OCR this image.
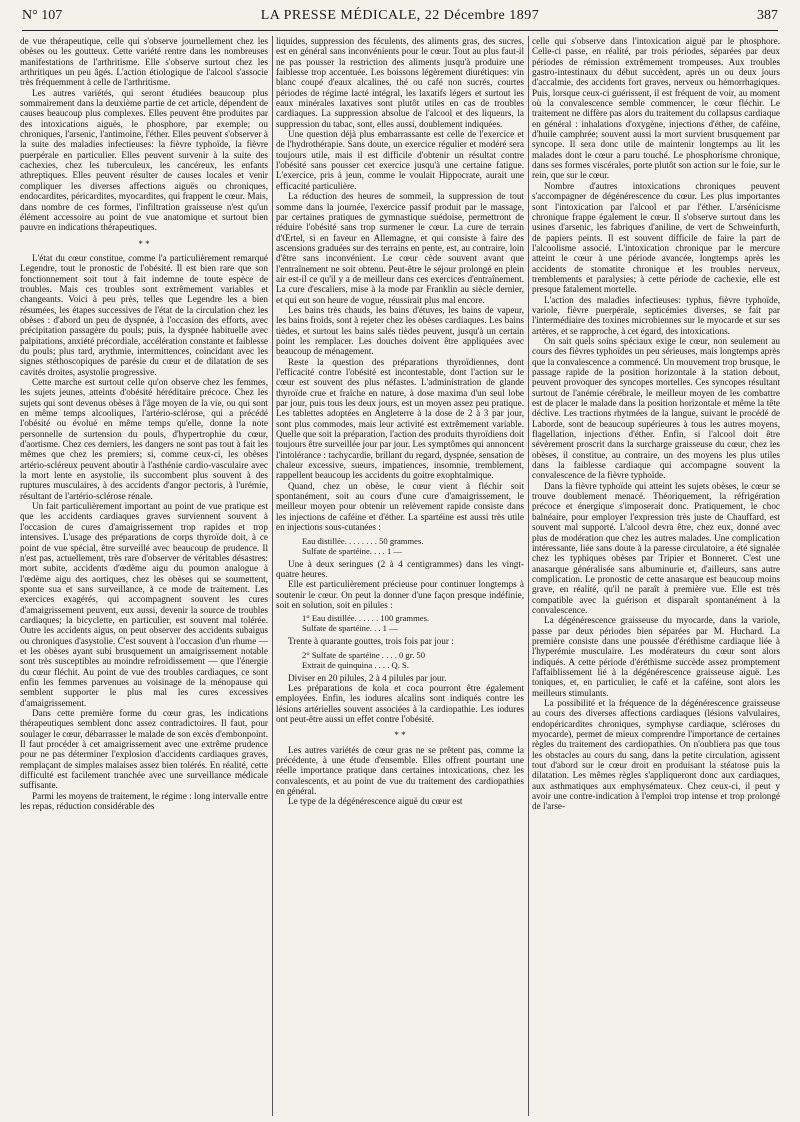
N° 107	LA PRESSE MÉDICALE, 22 Décembre 1897	387

de vue thérapeutique, celle qui s'observe journellement chez les obèses ou les goutteux. Cette variété rentre dans les nombreuses manifestations de l'arthritisme. Elle s'observe surtout chez les arthritiques un peu âgés. L'action étiologique de l'alcool s'associe très fréquemment à celle de l'arthritisme.

Les autres variétés, qui seront étudiées beaucoup plus sommairement dans la deuxième partie de cet article, dépendent de causes beaucoup plus complexes. Elles peuvent être produites par des intoxications aiguës, le phosphore, par exemple; ou chroniques, l'arsenic, l'antimoine, l'éther. Elles peuvent s'observer à la suite des maladies infectieuses: la fièvre typhoïde, la fièvre puerpérale en particulier. Elles peuvent survenir à la suite des cachexies, chez les tuberculeux, les cancéreux, les enfants athreptiques. Elles peuvent résulter de causes locales et venir compliquer les diverses affections aiguës ou chroniques, endocardites, péricardites, myocardites, qui frappent le cœur. Mais, dans nombre de ces formes, l'infiltration graisseuse n'est qu'un élément accessoire au point de vue anatomique et surtout bien pauvre en indications thérapeutiques.

* *

L'état du cœur constitue, comme l'a particulièrement remarqué Legendre, tout le pronostic de l'obésité. Il est bien rare que son fonctionnement soit tout à fait indemne de toute espèce de troubles. Mais ces troubles sont extrêmement variables et changeants. Voici à peu près, telles que Legendre les a bien résumées, les étapes successives de l'état de la circulation chez les obèses : d'abord un peu de dyspnée, à l'occasion des efforts, avec précipitation passagère du pouls; puis, la dyspnée habituelle avec palpitations, anxiété précordiale, accélération constante et faiblesse du pouls; plus tard, arythmie, intermittences, coïncidant avec les signes stéthoscopiques de parésie du cœur et de dilatation de ses cavités droites, asystolie progressive.

Cette marche est surtout celle qu'on observe chez les femmes, les sujets jeunes, atteints d'obésité héréditaire précoce. Chez les sujets qui sont devenus obèses à l'âge moyen de la vie, ou qui sont en même temps alcooliques, l'artério-sclérose, qui a précédé l'obésité ou évolué en même temps qu'elle, donne la note personnelle de surtension du pouls, d'hypertrophie du cœur, d'aortisme. Chez ces derniers, les dangers ne sont pas tout à fait les mêmes que chez les premiers; si, comme ceux-ci, les obèses artério-scléreux peuvent aboutir à l'asthénie cardio-vasculaire avec la mort lente en asystolie, ils succombent plus souvent à des ruptures musculaires, à des accidents d'angor pectoris, à l'urémie, résultant de l'artério-sclérose rénale.

Un fait particulièrement important au point de vue pratique est que les accidents cardiaques graves surviennent souvent à l'occasion de cures d'amaigrissement trop rapides et trop intensives. L'usage des préparations de corps thyroïde doit, à ce point de vue spécial, être surveillé avec beaucoup de prudence. Il n'est pas, actuellement, très rare d'observer de véritables désastres: mort subite, accidents d'œdème aigu du poumon analogue à l'œdème aigu des aortiques, chez les obèses qui se soumettent, sponte sua et sans surveillance, à ce mode de traitement. Les exercices exagérés, qui accompagnent souvent les cures d'amaigrissement peuvent, eux aussi, devenir la source de troubles cardiaques; la bicyclette, en particulier, est souvent mal tolérée. Outre les accidents aigus, on peut observer des accidents subaigus ou chroniques d'asystolie. C'est souvent à l'occasion d'un rhume — et les obèses ayant subi brusquement un amaigrissement notable sont très susceptibles au moindre refroidissement — que l'énergie du cœur fléchit. Au point de vue des troubles cardiaques, ce sont enfin les femmes parvenues au voisinage de la ménopause qui semblent supporter le plus mal les cures excessives d'amaigrissement.

Dans cette première forme du cœur gras, les indications thérapeutiques semblent donc assez contradictoires. Il faut, pour soulager le cœur, débarrasser le malade de son excès d'embonpoint. Il faut procéder à cet amaigrissement avec une extrême prudence pour ne pas déterminer l'explosion d'accidents cardiaques graves, remplaçant de simples malaises assez bien tolérés. En réalité, cette difficulté est facilement tranchée avec une surveillance médicale suffisante.

Parmi les moyens de traitement, le régime : long intervalle entre les repas, réduction considérable des

liquides, suppression des féculents, des aliments gras, des sucres, est en général sans inconvénients pour le cœur. Tout au plus faut-il ne pas pousser la restriction des aliments jusqu'à produire une faiblesse trop accentuée. Les boissons légèrement diurétiques: vin blanc coupé d'eaux alcalines, thé ou café non sucrés, courtes périodes de régime lacté intégral, les laxatifs légers et surtout les eaux minérales laxatives sont plutôt utiles en cas de troubles cardiaques. La suppression absolue de l'alcool et des liqueurs, la suppression du tabac, sont, elles aussi, doublement indiquées.

Une question déjà plus embarrassante est celle de l'exercice et de l'hydrothérapie. Sans doute, un exercice régulier et modéré sera toujours utile, mais il est difficile d'obtenir un résultat contre l'obésité sans pousser cet exercice jusqu'à une certaine fatigue. L'exercice, pris à jeun, comme le voulait Hippocrate, aurait une efficacité particulière.

La réduction des heures de sommeil, la suppression de tout somme dans la journée, l'exercice passif produit par le massage, par certaines pratiques de gymnastique suédoise, permettront de réduire l'obésité sans trop surmener le cœur. La cure de terrain d'Œrtel, si en faveur en Allemagne, et qui consiste à faire des ascensions graduées sur des terrains en pente, est, au contraire, loin d'être sans inconvénient. Le cœur cède souvent avant que l'entraînement ne soit obtenu. Peut-être le séjour prolongé en plein air est-il ce qu'il y a de meilleur dans ces exercices d'entraînement. La cure d'escaliers, mise à la mode par Franklin au siècle dernier, et qui eut son heure de vogue, réussirait plus mal encore.

Les bains très chauds, les bains d'étuves, les bains de vapeur, les bains froids, sont à rejeter chez les obèses cardiaques. Les bains tièdes, et surtout les bains salés tièdes peuvent, jusqu'à un certain point les remplacer. Les douches doivent être appliquées avec beaucoup de ménagement.

Reste la question des préparations thyroïdiennes, dont l'efficacité contre l'obésité est incontestable, dont l'action sur le cœur est souvent des plus néfastes. L'administration de glande thyroïde crue et fraîche en nature, à dose maxima d'un seul lobe par jour, puis tous les deux jours, est un moyen assez peu pratique. Les tablettes adoptées en Angleterre à la dose de 2 à 3 par jour, sont plus commodes, mais leur activité est extrêmement variable. Quelle que soit la préparation, l'action des produits thyroïdiens doit toujours être surveillée jour par jour. Les symptômes qui annoncent l'intolérance : tachycardie, brillant du regard, dyspnée, sensation de chaleur excessive, sueurs, impatiences, insomnie, tremblement, rappellent beaucoup les accidents du goitre exophtalmique.

Quand, chez un obèse, le cœur vient à fléchir soit spontanément, soit au cours d'une cure d'amaigrissement, le meilleur moyen pour obtenir un relèvement rapide consiste dans les injections de caféine et d'éther. La spartéine est aussi très utile en injections sous-cutanées :

Eau distillée. . . . . . . . 50 grammes.
Sulfate de spartéine. . . . 1 —

Une à deux seringues (2 à 4 centigrammes) dans les vingt-quatre heures.

Elle est particulièrement précieuse pour continuer longtemps à soutenir le cœur. On peut la donner d'une façon presque indéfinie, soit en solution, soit en pilules :

1° Eau distillée. . . . . . 100 grammes.
Sulfate de spartéine. . . 1 —

Trente à quarante gouttes, trois fois par jour :

2° Sulfate de spartéine . . . . 0 gr. 50
Extrait de quinquina . . . . Q. S.

Diviser en 20 pilules, 2 à 4 pilules par jour.

Les préparations de kola et coca pourront être également employées. Enfin, les iodures alcalins sont indiqués contre les lésions artérielles souvent associées à la cardiopathie. Les iodures ont peut-être aussi un effet contre l'obésité.

* *

Les autres variétés de cœur gras ne se prêtent pas, comme la précédente, à une étude d'ensemble. Elles offrent pourtant une réelle importance pratique dans certaines intoxications, chez les convalescents, et au point de vue du traitement des cardiopathies en général.

Le type de la dégénérescence aiguë du cœur est

celle qui s'observe dans l'intoxication aiguë par le phosphore. Celle-ci passe, en réalité, par trois périodes, séparées par deux périodes de rémission extrêmement trompeuses. Aux troubles gastro-intestinaux du début succèdent, après un ou deux jours d'accalmie, des accidents fort graves, nerveux ou hémorrhagiques. Puis, lorsque ceux-ci guérissent, il est fréquent de voir, au moment où la convalescence semble commencer, le cœur fléchir. Le traitement ne diffère pas alors du traitement du collapsus cardiaque en général : inhalations d'oxygène, injections d'éther, de caféine, d'huile camphrée; souvent aussi la mort survient brusquement par syncope. Il sera donc utile de maintenir longtemps au lit les malades dont le cœur a paru touché. Le phosphorisme chronique, dans ses formes viscérales, porte plutôt son action sur le foie, sur le rein, que sur le cœur.

Nombre d'autres intoxications chroniques peuvent s'accompagner de dégénérescence du cœur. Les plus importantes sont l'intoxication par l'alcool et par l'éther. L'arsénicisme chronique frappe également le cœur. Il s'observe surtout dans les usines d'arsenic, les fabriques d'aniline, de vert de Schweinfurth, de papiers peints. Il est souvent difficile de faire la part de l'alcoolisme associé. L'intoxication chronique par le mercure atteint le cœur à une période avancée, longtemps après les accidents de stomatite chronique et les troubles nerveux, tremblements et paralysies; à cette période de cachexie, elle est presque fatalement mortelle.

L'action des maladies infectieuses: typhus, fièvre typhoïde, variole, fièvre puerpérale, septicémies diverses, se fait par l'intermédiaire des toxines microbiennes sur le myocarde et sur ses artères, et se rapproche, à cet égard, des intoxications.

On sait quels soins spéciaux exige le cœur, non seulement au cours des fièvres typhoïdes un peu sérieuses, mais longtemps après que la convalescence a commencé. Un mouvement trop brusque, le passage rapide de la position horizontale à la station debout, peuvent provoquer des syncopes mortelles. Ces syncopes résultant surtout de l'anémie cérébrale, le meilleur moyen de les combattre est de placer le malade dans la position horizontale et même la tête déclive. Les tractions rhytmées de la langue, suivant le procédé de Laborde, sont de beaucoup supérieures à tous les autres moyens, flagellation, injections d'éther. Enfin, si l'alcool doit être sévèrement proscrit dans la surcharge graisseuse du cœur, chez les obèses, il constitue, au contraire, un des moyens les plus utiles dans la faiblesse cardiaque qui accompagne souvent la convalescence de la fièvre typhoïde.

Dans la fièvre typhoïde qui atteint les sujets obèses, le cœur se trouve doublement menacé. Théoriquement, la réfrigération précoce et énergique s'imposerait donc. Pratiquement, le choc balnéaire, pour employer l'expression très juste de Chauffard, est souvent mal supporté. L'alcool devra être, chez eux, donné avec plus de modération que chez les autres malades. Une complication intéressante, liée sans doute à la paresse circulatoire, a été signalée chez les typhiques obèses par Tripier et Bonneret. C'est une anasarque généralisée sans albuminurie et, d'ailleurs, sans autre complication. Le pronostic de cette anasarque est beaucoup moins grave, en réalité, qu'il ne paraît à première vue. Elle est très compatible avec la guérison et disparaît spontanément à la convalescence.

La dégénérescence graisseuse du myocarde, dans la variole, passe par deux périodes bien séparées par M. Huchard. La première consiste dans une poussée d'éréthisme cardiaque liée à l'hyperémie musculaire. Les modérateurs du cœur sont alors indiqués. A cette période d'éréthisme succède assez promptement l'affaiblissement lié à la dégénérescence graisseuse aiguë. Les toniques, et, en particulier, le café et la caféine, sont alors les meilleurs stimulants.

La possibilité et la fréquence de la dégénérescence graisseuse au cours des diverses affections cardiaques (lésions valvulaires, endopéricardites chroniques, symphyse cardiaque, scléroses du myocarde), permet de mieux comprendre l'importance de certaines règles du traitement des cardiopathies. On n'oubliera pas que tous les obstacles au cours du sang, dans la petite circulation, agissent tout d'abord sur le cœur droit en produisant la stéatose puis la dilatation. Les mêmes règles s'appliqueront donc aux cardiaques, aux asthmatiques aux emphysémateux. Chez ceux-ci, il peut y avoir une contre-indication à l'emploi trop intense et trop prolongé de l'arse-
